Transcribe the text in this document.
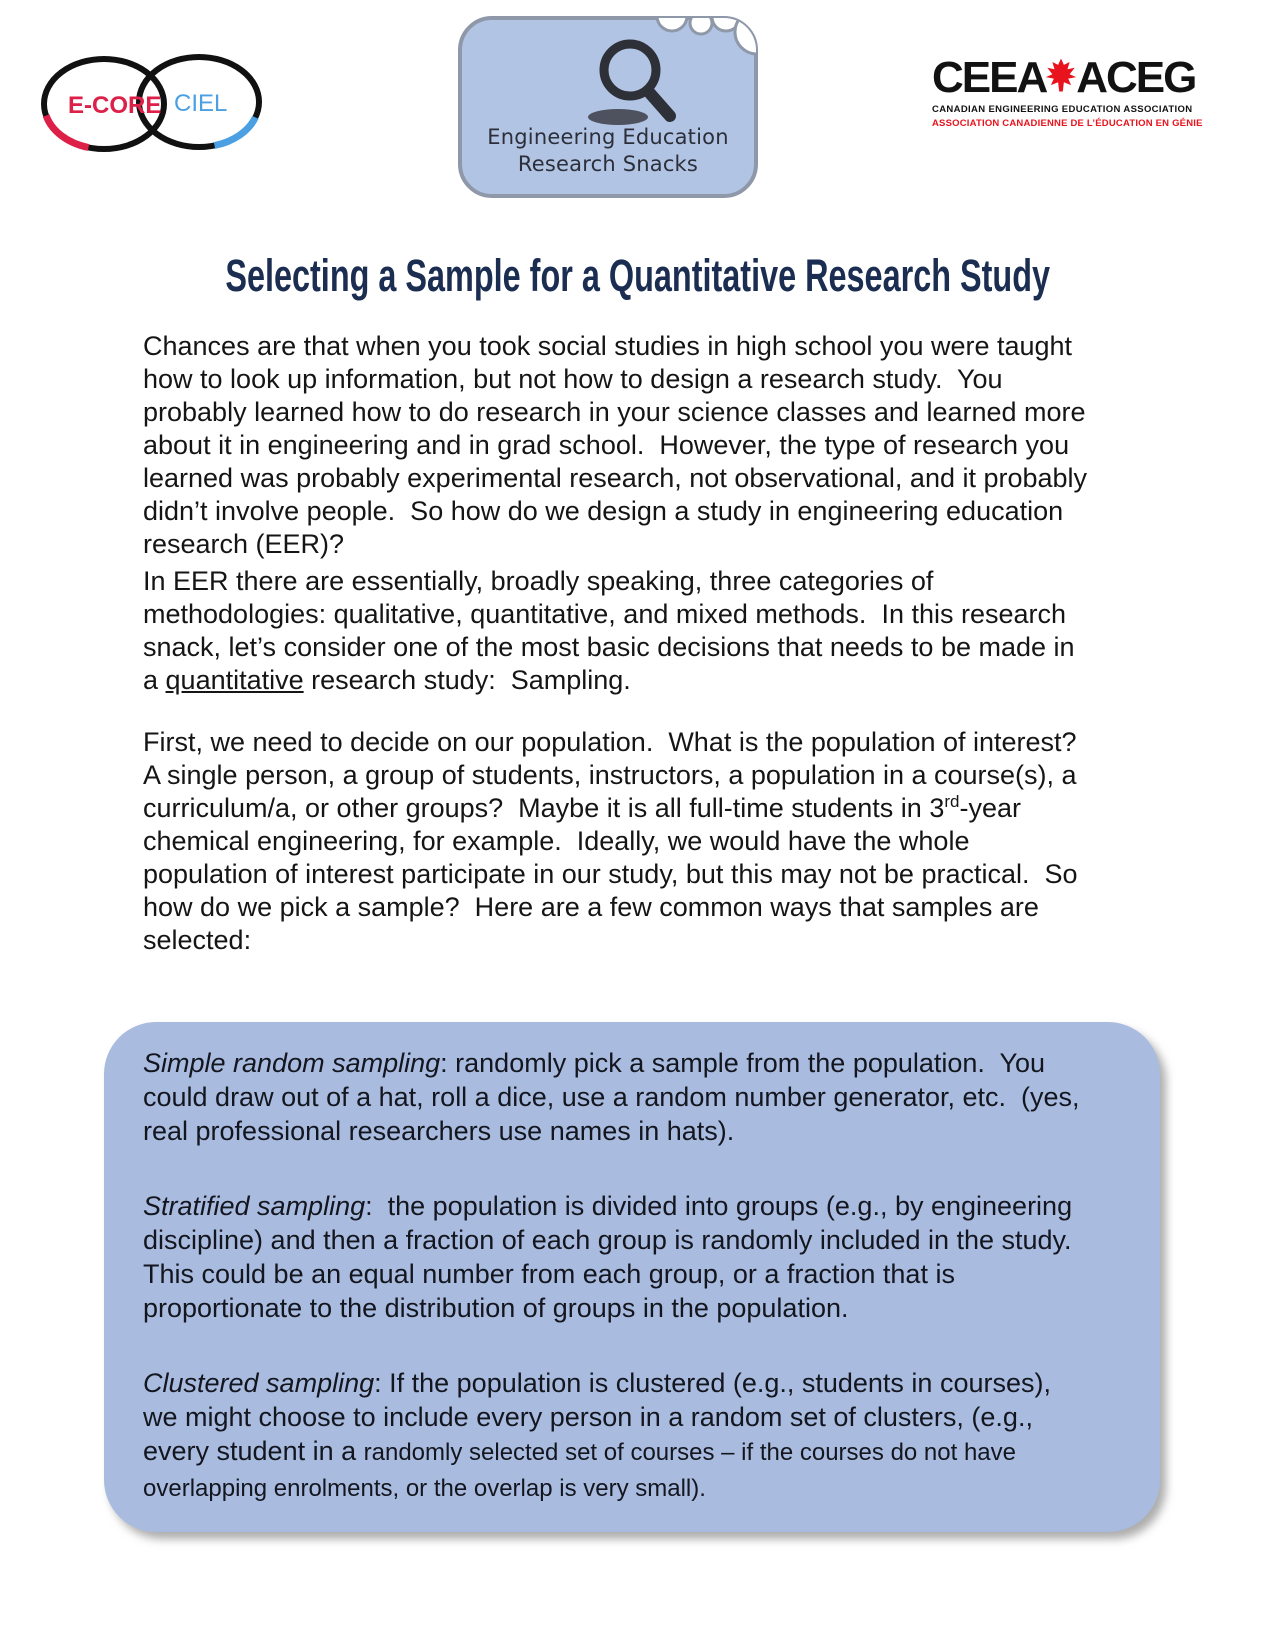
E-CORE CIEL
Engineering Education
Research Snacks
CEEA ACEG
CANADIAN ENGINEERING EDUCATION ASSOCIATION
ASSOCIATION CANADIENNE DE L’ÉDUCATION EN GÉNIE
Selecting a Sample for a Quantitative Research Study
Chances are that when you took social studies in high school you were taught how to look up information, but not how to design a research study.  You probably learned how to do research in your science classes and learned more about it in engineering and in grad school.  However, the type of research you learned was probably experimental research, not observational, and it probably didn’t involve people.  So how do we design a study in engineering education research (EER)?
In EER there are essentially, broadly speaking, three categories of methodologies: qualitative, quantitative, and mixed methods.  In this research snack, let’s consider one of the most basic decisions that needs to be made in a quantitative research study:  Sampling.
First, we need to decide on our population.  What is the population of interest?  A single person, a group of students, instructors, a population in a course(s), a curriculum/a, or other groups?  Maybe it is all full-time students in 3rd-year chemical engineering, for example.  Ideally, we would have the whole population of interest participate in our study, but this may not be practical.  So how do we pick a sample?  Here are a few common ways that samples are selected:

Simple random sampling: randomly pick a sample from the population.  You could draw out of a hat, roll a dice, use a random number generator, etc.  (yes, real professional researchers use names in hats).

Stratified sampling:  the population is divided into groups (e.g., by engineering discipline) and then a fraction of each group is randomly included in the study.  This could be an equal number from each group, or a fraction that is proportionate to the distribution of groups in the population.

Clustered sampling: If the population is clustered (e.g., students in courses), we might choose to include every person in a random set of clusters, (e.g., every student in a randomly selected set of courses – if the courses do not have overlapping enrolments, or the overlap is very small).
